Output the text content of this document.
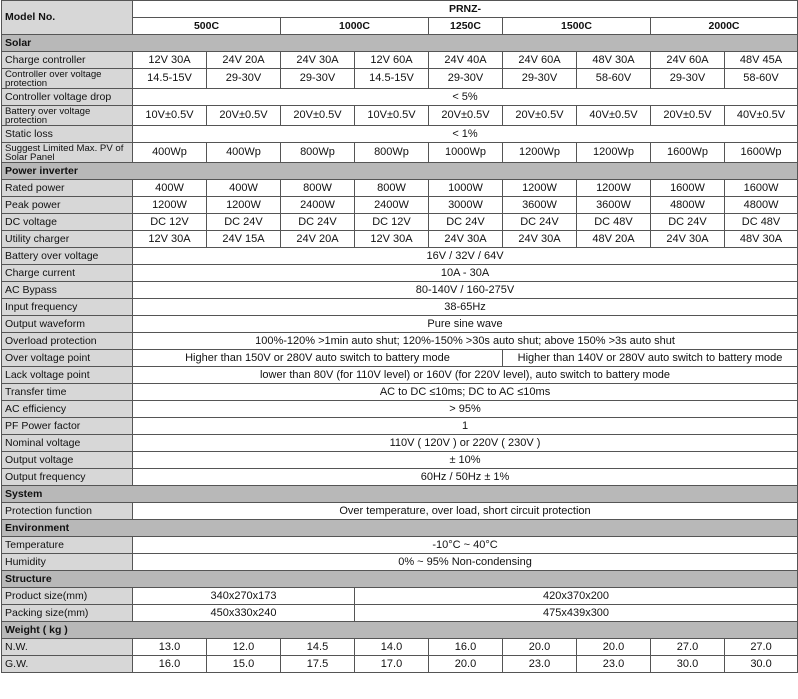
Model No.	PRNZ-								
	500C		1000C		1250C	1500C		2000C	
Solar									
Charge controller	12V 30A	24V 20A	24V 30A	12V 60A	24V 40A	24V 60A	48V 30A	24V 60A	48V 45A
Controller over voltage protection	14.5-15V	29-30V	29-30V	14.5-15V	29-30V	29-30V	58-60V	29-30V	58-60V
Controller voltage drop	< 5%								
Battery over voltage protection	10V±0.5V	20V±0.5V	20V±0.5V	10V±0.5V	20V±0.5V	20V±0.5V	40V±0.5V	20V±0.5V	40V±0.5V
Static loss	< 1%								
Suggest Limited Max. PV of Solar Panel	400Wp	400Wp	800Wp	800Wp	1000Wp	1200Wp	1200Wp	1600Wp	1600Wp
Power inverter									
Rated power	400W	400W	800W	800W	1000W	1200W	1200W	1600W	1600W
Peak power	1200W	1200W	2400W	2400W	3000W	3600W	3600W	4800W	4800W
DC voltage	DC 12V	DC 24V	DC 24V	DC 12V	DC 24V	DC 24V	DC 48V	DC 24V	DC 48V
Utility charger	12V 30A	24V 15A	24V 20A	12V 30A	24V 30A	24V 30A	48V 20A	24V 30A	48V 30A
Battery over voltage	16V / 32V / 64V								
Charge current	10A - 30A								
AC Bypass	80-140V / 160-275V								
Input frequency	38-65Hz								
Output waveform	Pure sine wave								
Overload protection	100%-120% >1min auto shut; 120%-150% >30s auto shut; above 150% >3s auto shut								
Over voltage point	Higher than 150V or 280V auto switch to battery mode					Higher than 140V or 280V auto switch to battery mode			
Lack voltage point	lower than 80V (for 110V level) or 160V (for 220V level), auto switch to battery mode								
Transfer time	AC to DC ≤10ms; DC to AC ≤10ms								
AC efficiency	> 95%								
PF Power factor	1								
Nominal voltage	110V ( 120V ) or 220V ( 230V )								
Output voltage	± 10%								
Output frequency	60Hz / 50Hz ± 1%								
System									
Protection function	Over temperature, over load, short circuit protection								
Environment									
Temperature	-10°C ~ 40°C								
Humidity	0% ~ 95% Non-condensing								
Structure									
Product size(mm)	340x270x173			420x370x200					
Packing size(mm)	450x330x240			475x439x300					
Weight ( kg )									
N.W.	13.0	12.0	14.5	14.0	16.0	20.0	20.0	27.0	27.0
G.W.	16.0	15.0	17.5	17.0	20.0	23.0	23.0	30.0	30.0
